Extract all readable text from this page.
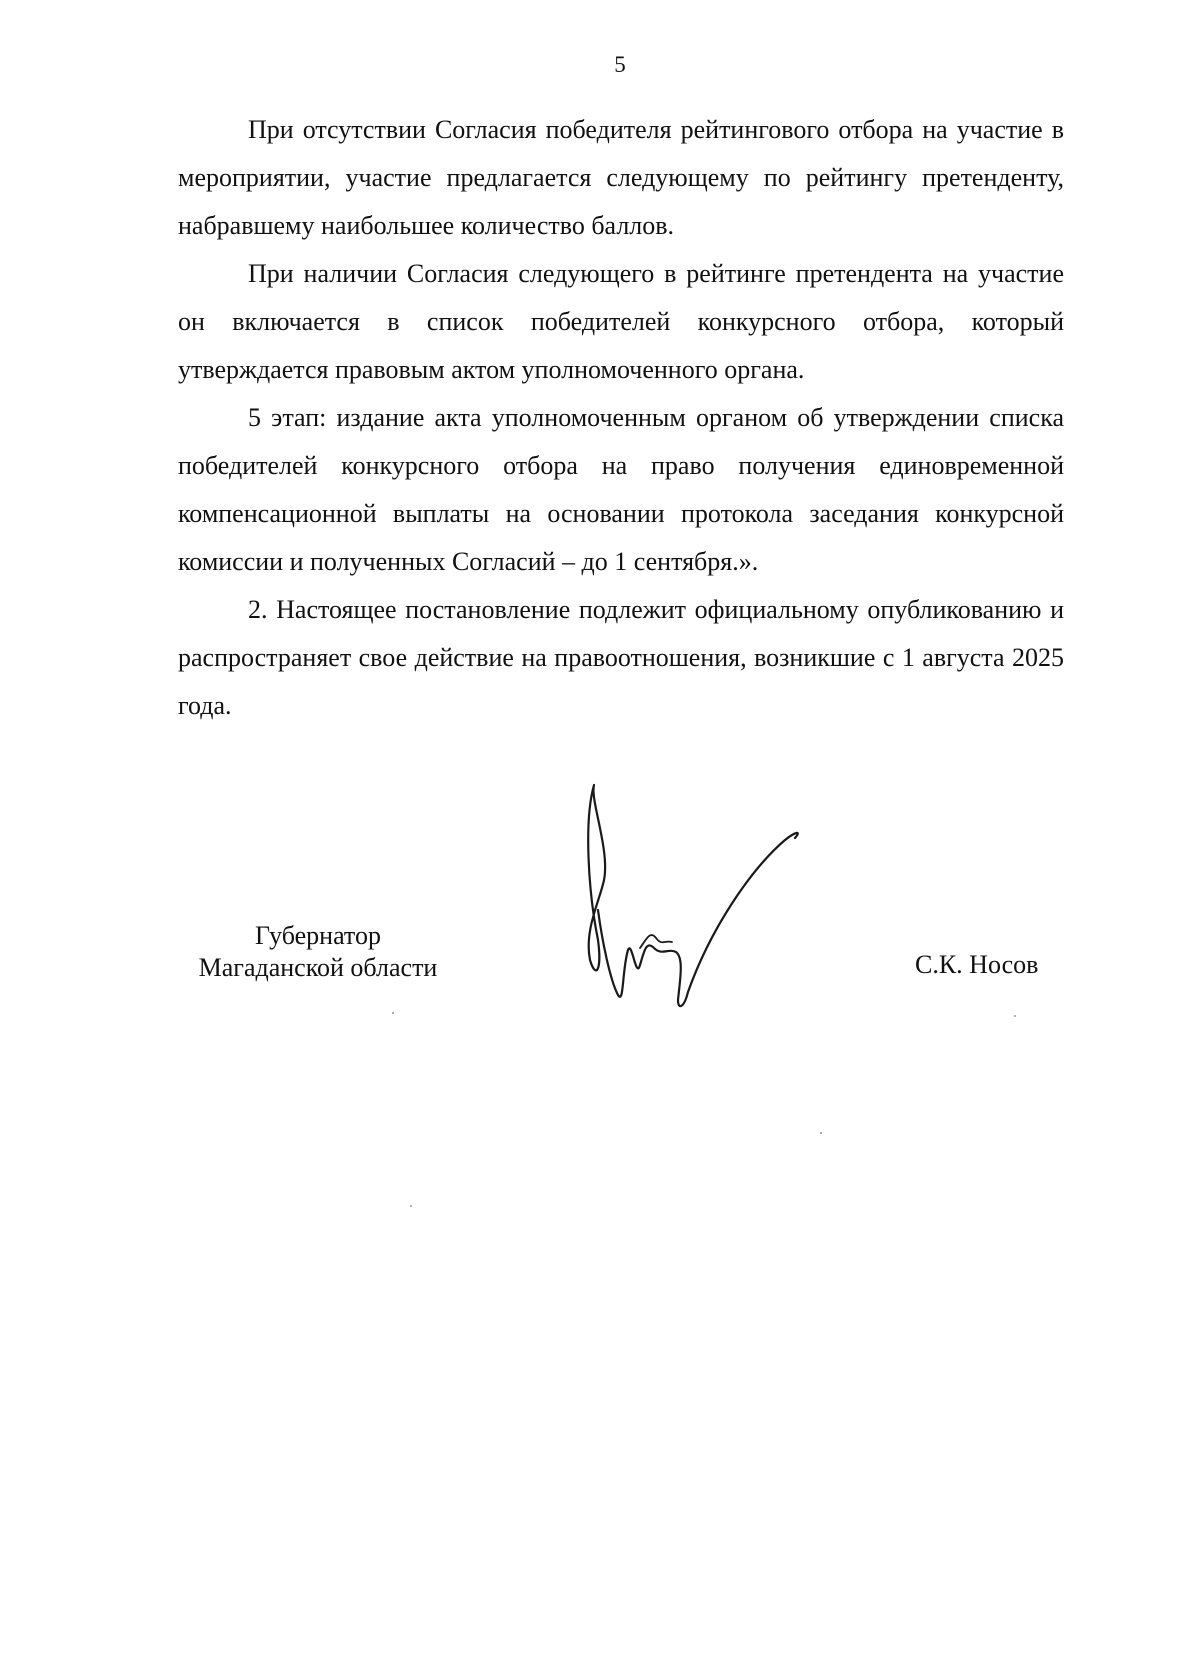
5

При отсутствии Согласия победителя рейтингового отбора на участие в мероприятии, участие предлагается следующему по рейтингу претенденту, набравшему наибольшее количество баллов.

При наличии Согласия следующего в рейтинге претендента на участие он включается в список победителей конкурсного отбора, который утверждается правовым актом уполномоченного органа.

5 этап: издание акта уполномоченным органом об утверждении списка победителей конкурсного отбора на право получения единовременной компенсационной выплаты на основании протокола заседания конкурсной комиссии и полученных Согласий – до 1 сентября.».

2. Настоящее постановление подлежит официальному опубликованию и распространяет свое действие на правоотношения, возникшие с 1 августа 2025 года.

Губернатор
Магаданской области	С.К. Носов
